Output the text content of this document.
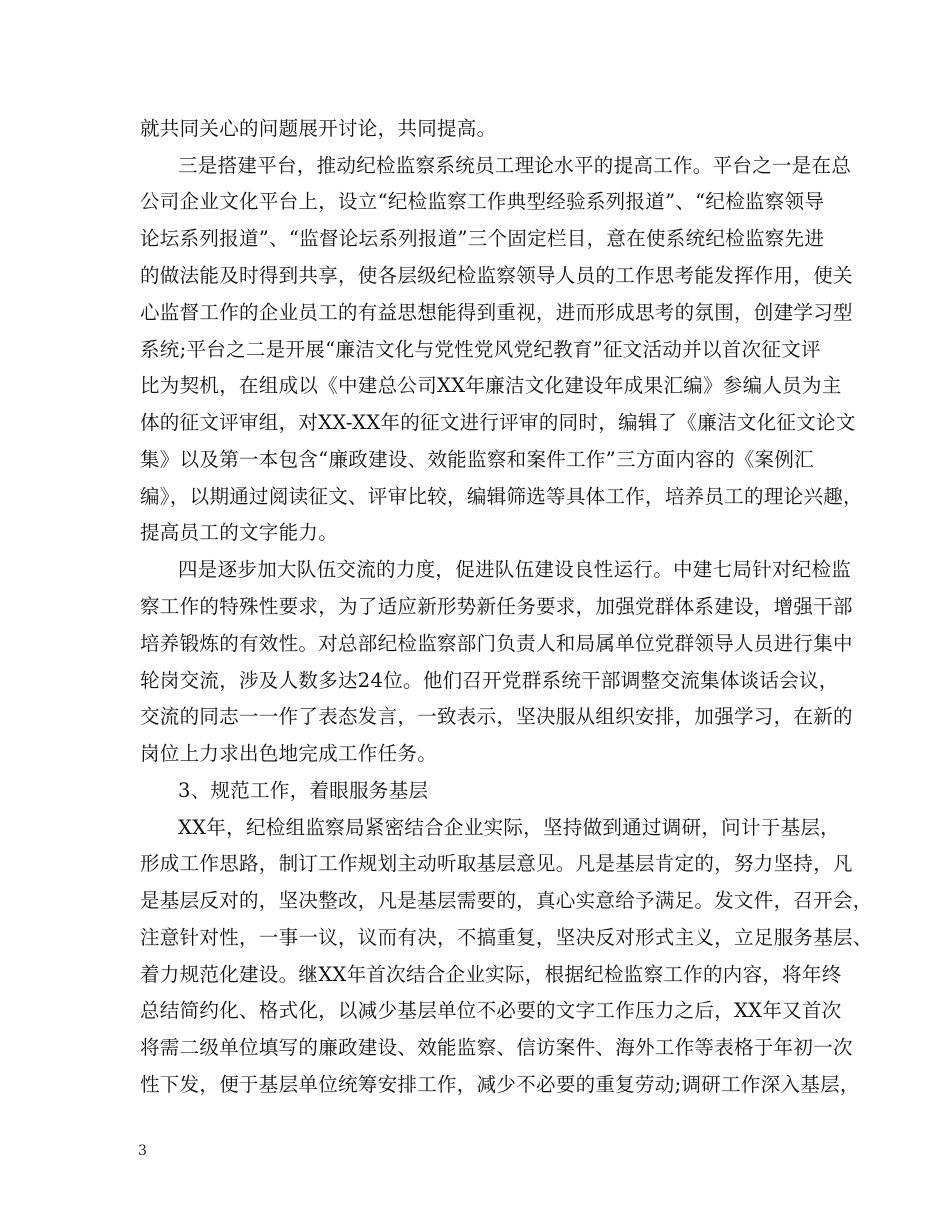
就共同关心的问题展开讨论，共同提高。
三是搭建平台，推动纪检监察系统员工理论水平的提高工作。平台之一是在总
公司企业文化平台上，设立“纪检监察工作典型经验系列报道”、“纪检监察领导
论坛系列报道”、“监督论坛系列报道”三个固定栏目，意在使系统纪检监察先进
的做法能及时得到共享，使各层级纪检监察领导人员的工作思考能发挥作用，使关
心监督工作的企业员工的有益思想能得到重视，进而形成思考的氛围，创建学习型
系统;平台之二是开展“廉洁文化与党性党风党纪教育”征文活动并以首次征文评
比为契机，在组成以《中建总公司XX年廉洁文化建设年成果汇编》参编人员为主
体的征文评审组，对XX-XX年的征文进行评审的同时，编辑了《廉洁文化征文论文
集》以及第一本包含“廉政建设、效能监察和案件工作”三方面内容的《案例汇
编》，以期通过阅读征文、评审比较，编辑筛选等具体工作，培养员工的理论兴趣，
提高员工的文字能力。
四是逐步加大队伍交流的力度，促进队伍建设良性运行。中建七局针对纪检监
察工作的特殊性要求，为了适应新形势新任务要求，加强党群体系建设，增强干部
培养锻炼的有效性。对总部纪检监察部门负责人和局属单位党群领导人员进行集中
轮岗交流，涉及人数多达24位。他们召开党群系统干部调整交流集体谈话会议，
交流的同志一一作了表态发言，一致表示，坚决服从组织安排，加强学习，在新的
岗位上力求出色地完成工作任务。
3、规范工作，着眼服务基层
XX年，纪检组监察局紧密结合企业实际，坚持做到通过调研，问计于基层，
形成工作思路，制订工作规划主动听取基层意见。凡是基层肯定的，努力坚持，凡
是基层反对的，坚决整改，凡是基层需要的，真心实意给予满足。发文件，召开会，
注意针对性，一事一议，议而有决，不搞重复，坚决反对形式主义，立足服务基层、
着力规范化建设。继XX年首次结合企业实际，根据纪检监察工作的内容，将年终
总结简约化、格式化，以减少基层单位不必要的文字工作压力之后，XX年又首次
将需二级单位填写的廉政建设、效能监察、信访案件、海外工作等表格于年初一次
性下发，便于基层单位统筹安排工作，减少不必要的重复劳动;调研工作深入基层，
3
